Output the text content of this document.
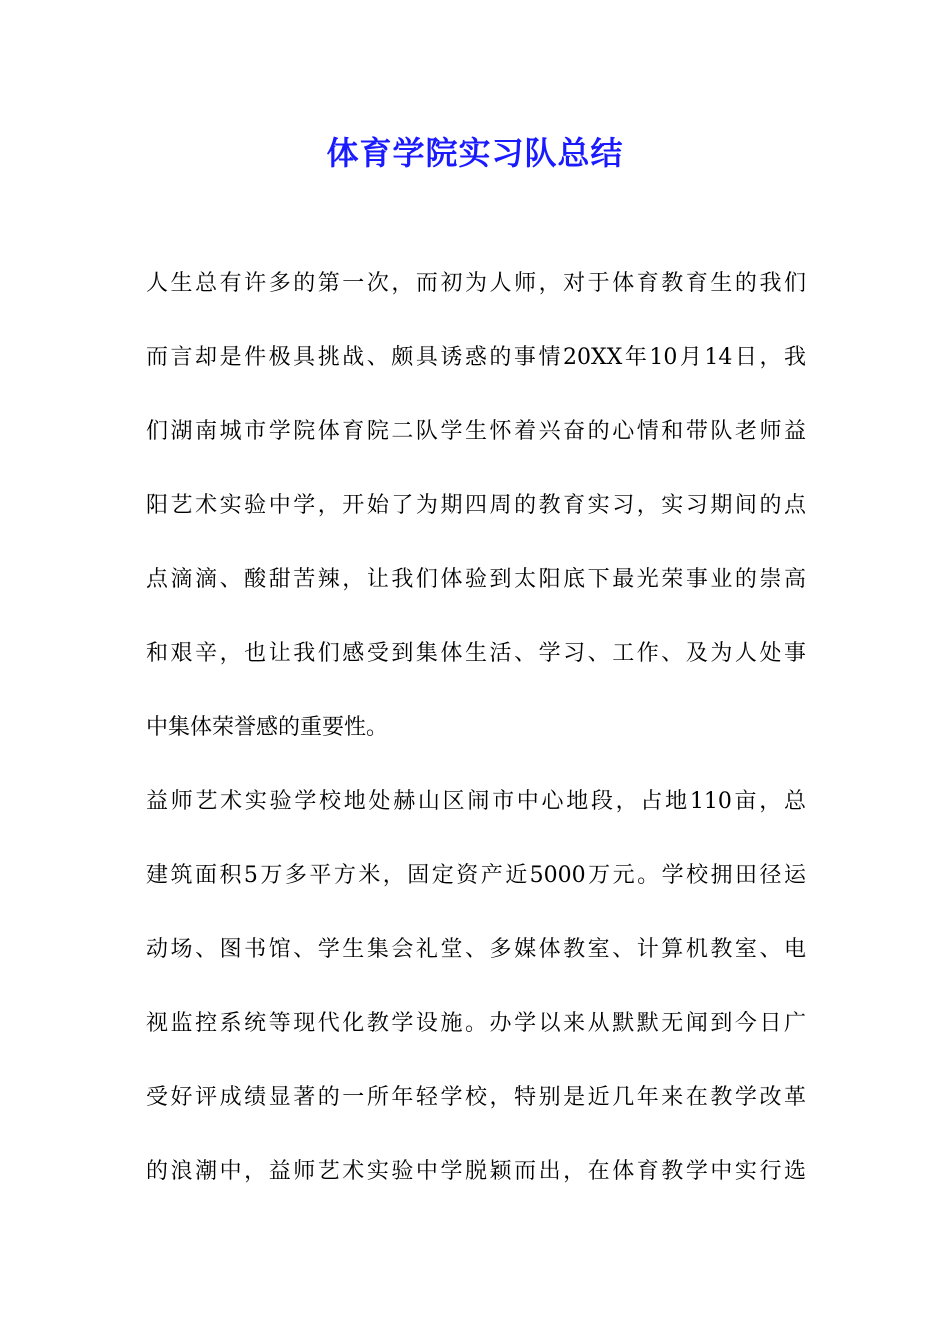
体育学院实习队总结
人生总有许多的第一次，而初为人师，对于体育教育生的我们
而言却是件极具挑战、颇具诱惑的事情20XX年10月14日，我
们湖南城市学院体育院二队学生怀着兴奋的心情和带队老师益
阳艺术实验中学，开始了为期四周的教育实习，实习期间的点
点滴滴、酸甜苦辣，让我们体验到太阳底下最光荣事业的崇高
和艰辛，也让我们感受到集体生活、学习、工作、及为人处事
中集体荣誉感的重要性。
益师艺术实验学校地处赫山区闹市中心地段，占地110亩，总
建筑面积5万多平方米，固定资产近5000万元。学校拥田径运
动场、图书馆、学生集会礼堂、多媒体教室、计算机教室、电
视监控系统等现代化教学设施。办学以来从默默无闻到今日广
受好评成绩显著的一所年轻学校，特别是近几年来在教学改革
的浪潮中，益师艺术实验中学脱颖而出，在体育教学中实行选
